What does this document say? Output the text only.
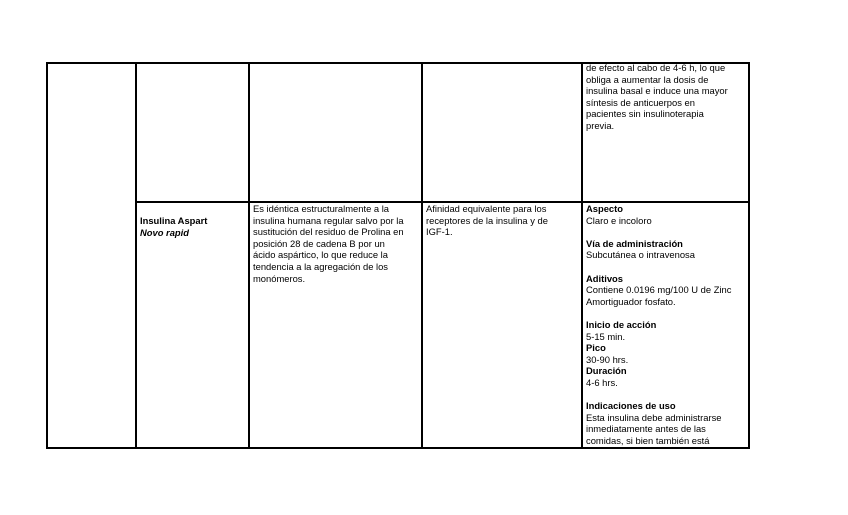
de efecto al cabo de 4-6 h, lo que
obliga a aumentar la dosis de
insulina basal e induce una mayor
síntesis de anticuerpos en
pacientes sin insulinoterapia
previa.
Insulina Aspart
Novo rapid
Es idéntica estructuralmente a la
insulina humana regular salvo por la
sustitución del residuo de Prolina en
posición 28 de cadena B por un
ácido aspártico, lo que reduce la
tendencia a la agregación de los
monómeros.
Afinidad equivalente para los
receptores de la insulina y de
IGF-1.
Aspecto
Claro e incoloro
Vía de administración
Subcutánea o intravenosa
Aditivos
Contiene 0.0196 mg/100 U de Zinc
Amortiguador fosfato.
Inicio de acción
5-15 min.
Pico
30-90 hrs.
Duración
4-6 hrs.
Indicaciones de uso
Esta insulina debe administrarse
inmediatamente antes de las
comidas, si bien también está
